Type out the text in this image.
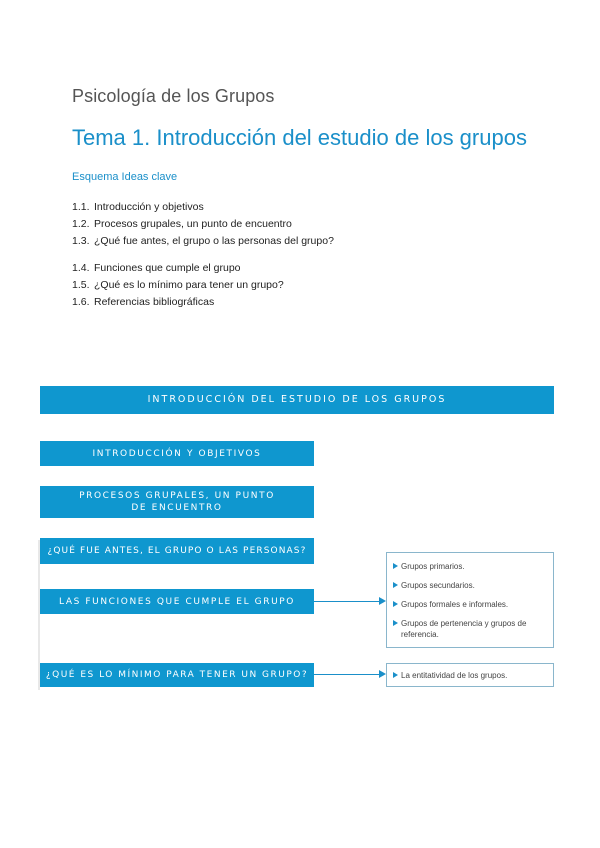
Psicología de los Grupos
Tema 1. Introducción del estudio de los grupos
Esquema Ideas clave
1.1. Introducción y objetivos
1.2. Procesos grupales, un punto de encuentro
1.3. ¿Qué fue antes, el grupo o las personas del grupo?
1.4. Funciones que cumple el grupo
1.5. ¿Qué es lo mínimo para tener un grupo?
1.6. Referencias bibliográficas
INTRODUCCIÓN DEL ESTUDIO DE LOS GRUPOS
INTRODUCCIÓN Y OBJETIVOS
PROCESOS GRUPALES, UN PUNTO DE ENCUENTRO
¿QUÉ FUE ANTES, EL GRUPO O LAS PERSONAS?
LAS FUNCIONES QUE CUMPLE EL GRUPO
¿QUÉ ES LO MÍNIMO PARA TENER UN GRUPO?
Grupos primarios.
Grupos secundarios.
Grupos formales e informales.
Grupos de pertenencia y grupos de referencia.
La entitatividad de los grupos.
